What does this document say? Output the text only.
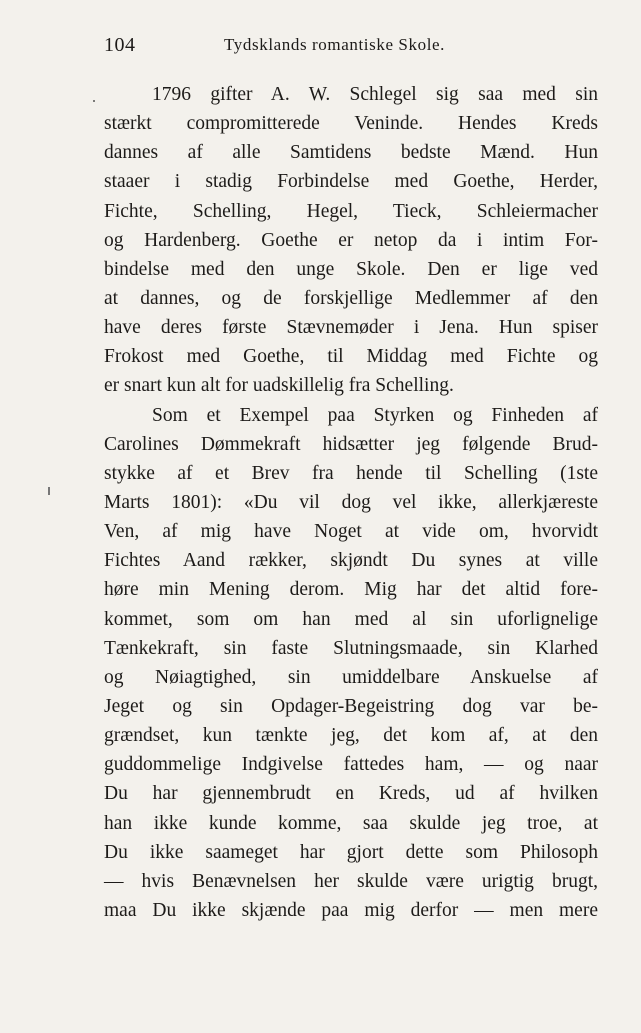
104	Tydsklands romantiske Skole.
1796 gifter A. W. Schlegel sig saa med sin
stærkt compromitterede Veninde. Hendes Kreds
dannes af alle Samtidens bedste Mænd. Hun
staaer i stadig Forbindelse med Goethe, Herder,
Fichte, Schelling, Hegel, Tieck, Schleiermacher
og Hardenberg. Goethe er netop da i intim For-
bindelse med den unge Skole. Den er lige ved
at dannes, og de forskjellige Medlemmer af den
have deres første Stævnemøder i Jena. Hun spiser
Frokost med Goethe, til Middag med Fichte og
er snart kun alt for uadskillelig fra Schelling.
Som et Exempel paa Styrken og Finheden af
Carolines Dømmekraft hidsætter jeg følgende Brud-
stykke af et Brev fra hende til Schelling (1ste
Marts 1801): «Du vil dog vel ikke, allerkjæreste
Ven, af mig have Noget at vide om, hvorvidt
Fichtes Aand rækker, skjøndt Du synes at ville
høre min Mening derom. Mig har det altid fore-
kommet, som om han med al sin uforlignelige
Tænkekraft, sin faste Slutningsmaade, sin Klarhed
og Nøiagtighed, sin umiddelbare Anskuelse af
Jeget og sin Opdager-Begeistring dog var be-
grændset, kun tænkte jeg, det kom af, at den
guddommelige Indgivelse fattedes ham, — og naar
Du har gjennembrudt en Kreds, ud af hvilken
han ikke kunde komme, saa skulde jeg troe, at
Du ikke saameget har gjort dette som Philosoph
— hvis Benævnelsen her skulde være urigtig brugt,
maa Du ikke skjænde paa mig derfor — men mere
